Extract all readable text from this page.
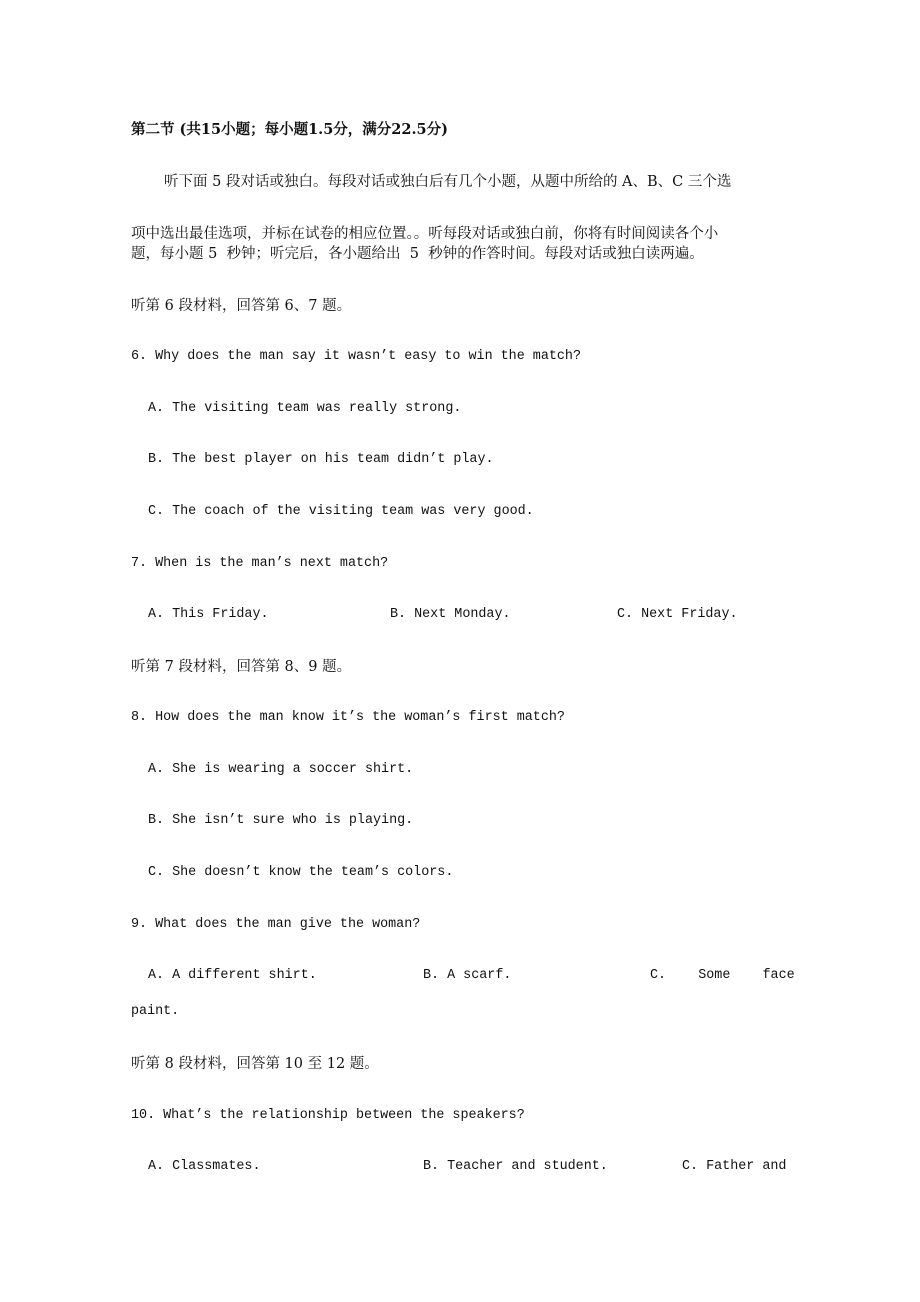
第二节 (共15小题；每小题1.5分，满分22.5分)
听下面 5 段对话或独白。每段对话或独白后有几个小题，从题中所给的 A、B、C 三个选
项中选出最佳选项，并标在试卷的相应位置。。听每段对话或独白前，你将有时间阅读各个小
题，每小题 5  秒钟；听完后，各小题给出  5  秒钟的作答时间。每段对话或独白读两遍。
听第 6 段材料，回答第 6、7 题。
6. Why does the man say it wasn’t easy to win the match?
A. The visiting team was really strong.
B. The best player on his team didn’t play.
C. The coach of the visiting team was very good.
7. When is the man’s next match?
A. This Friday.	B. Next Monday.	C. Next Friday.
听第 7 段材料，回答第 8、9 题。
8. How does the man know it’s the woman’s first match?
A. She is wearing a soccer shirt.
B. She isn’t sure who is playing.
C. She doesn’t know the team’s colors.
9. What does the man give the woman?
A. A different shirt.	B. A scarf.	C.    Some    face
paint.
听第 8 段材料，回答第 10 至 12 题。
10. What’s the relationship between the speakers?
A. Classmates.	B. Teacher and student.	C. Father and
